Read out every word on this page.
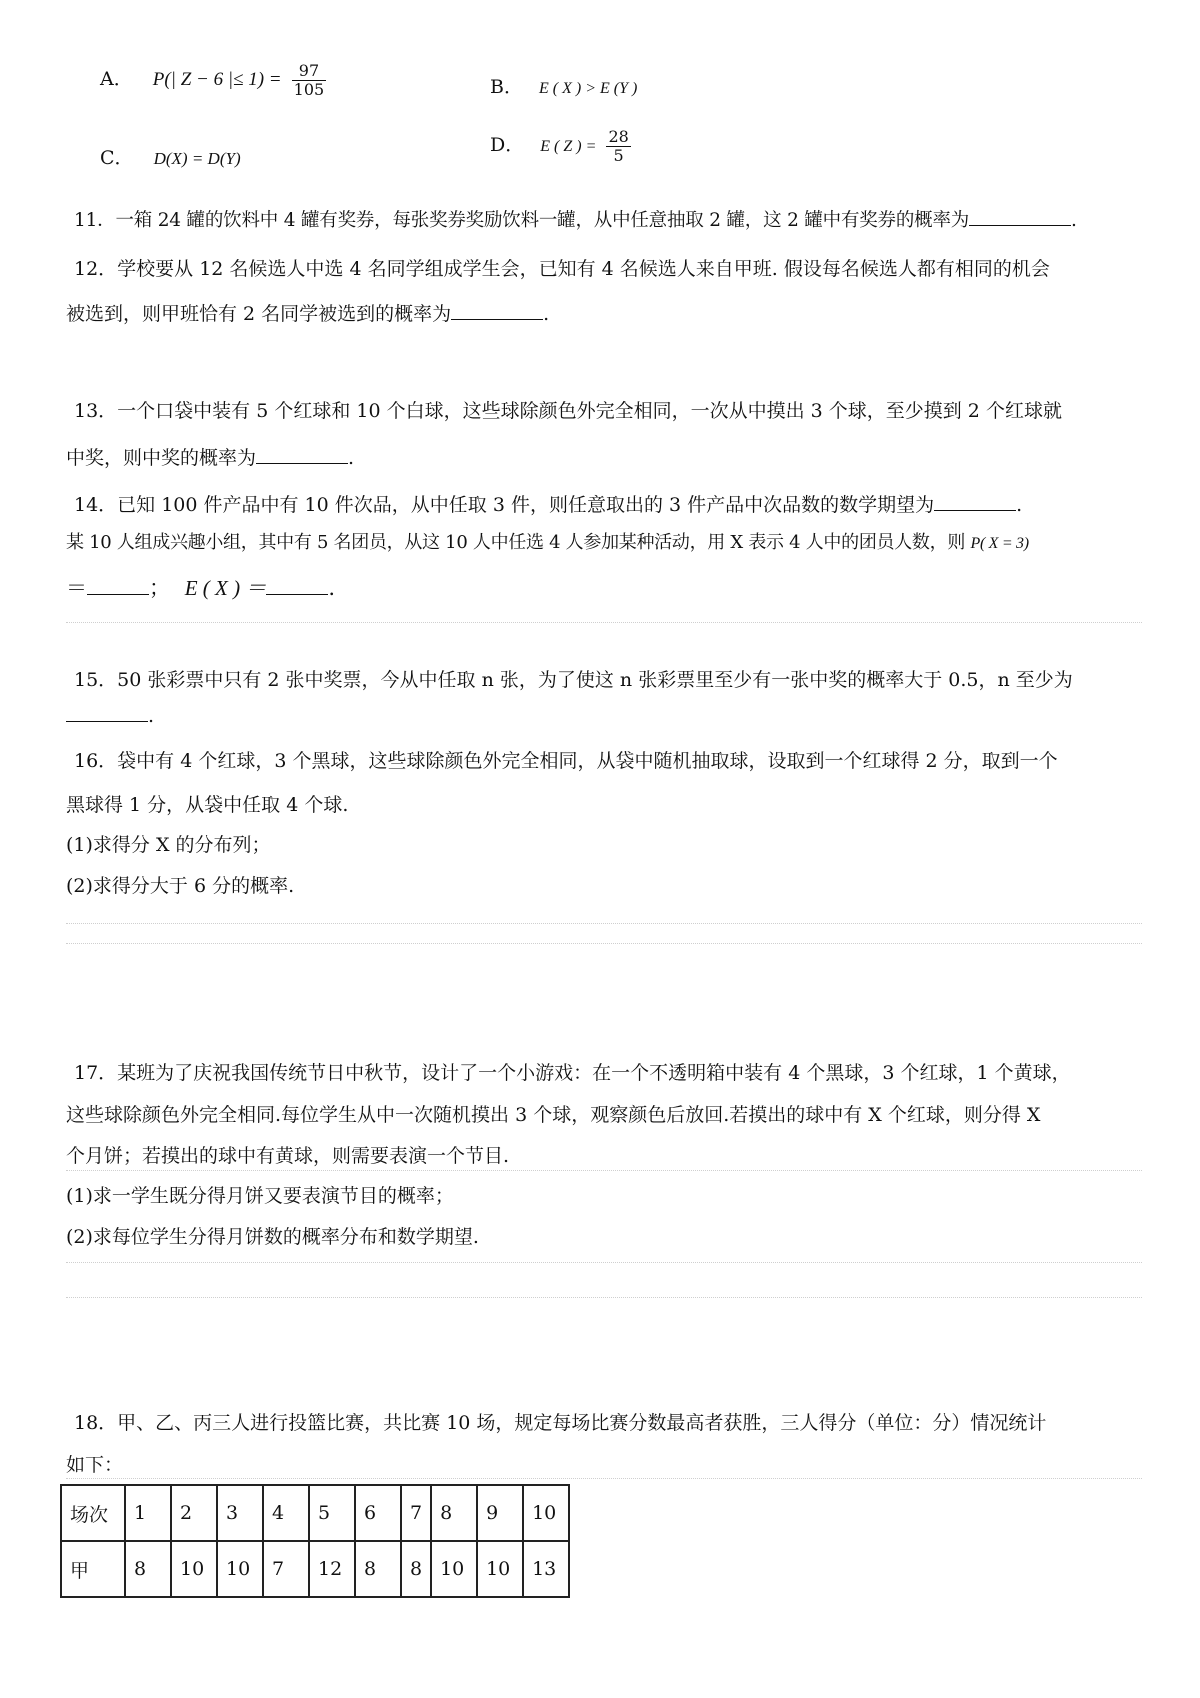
A． P(| Z − 6 |≤ $1) = \frac{97}{105}$	B． E ( X ) > E (Y )
C． D(X) = D(Y)
D． E ( Z ) = $\frac{28}{5}$
11．一箱 24 罐的饮料中 4 罐有奖券，每张奖券奖励饮料一罐，从中任意抽取 2 罐，这 2 罐中有奖券的概率为	.
12．学校要从 12 名候选人中选 4 名同学组成学生会，已知有 4 名候选人来自甲班. 假设每名候选人都有相同的机会
被选到，则甲班恰有 2 名同学被选到的概率为	.
13．一个口袋中装有 5 个红球和 10 个白球，这些球除颜色外完全相同，一次从中摸出 3 个球，至少摸到 2 个红球就
中奖，则中奖的概率为	.
14．已知 100 件产品中有 10 件次品，从中任取 3 件，则任意取出的 3 件产品中次品数的数学期望为	.
某 10 人组成兴趣小组，其中有 5 名团员，从这 10 人中任选 4 人参加某种活动，用 X 表示 4 人中的团员人数，则 P( X = 3)
＝	； E ( X ) ＝	.
15．50 张彩票中只有 2 张中奖票，今从中任取 n 张，为了使这 n 张彩票里至少有一张中奖的概率大于 0.5，n 至少为
.
16．袋中有 4 个红球，3 个黑球，这些球除颜色外完全相同，从袋中随机抽取球，设取到一个红球得 2 分，取到一个
黑球得 1 分，从袋中任取 4 个球.
(1)求得分 X 的分布列；
(2)求得分大于 6 分的概率.
17．某班为了庆祝我国传统节日中秋节，设计了一个小游戏：在一个不透明箱中装有 4 个黑球，3 个红球，1 个黄球，
这些球除颜色外完全相同.每位学生从中一次随机摸出 3 个球，观察颜色后放回.若摸出的球中有 X 个红球，则分得 X
个月饼；若摸出的球中有黄球，则需要表演一个节目.
(1)求一学生既分得月饼又要表演节目的概率；
(2)求每位学生分得月饼数的概率分布和数学期望.
18．甲、乙、丙三人进行投篮比赛，共比赛 10 场，规定每场比赛分数最高者获胜，三人得分（单位：分）情况统计
如下：
场次	1	2	3	4	5	6	7	8	9	10
甲	8	10	10	7	12	8	8	10	10	13
